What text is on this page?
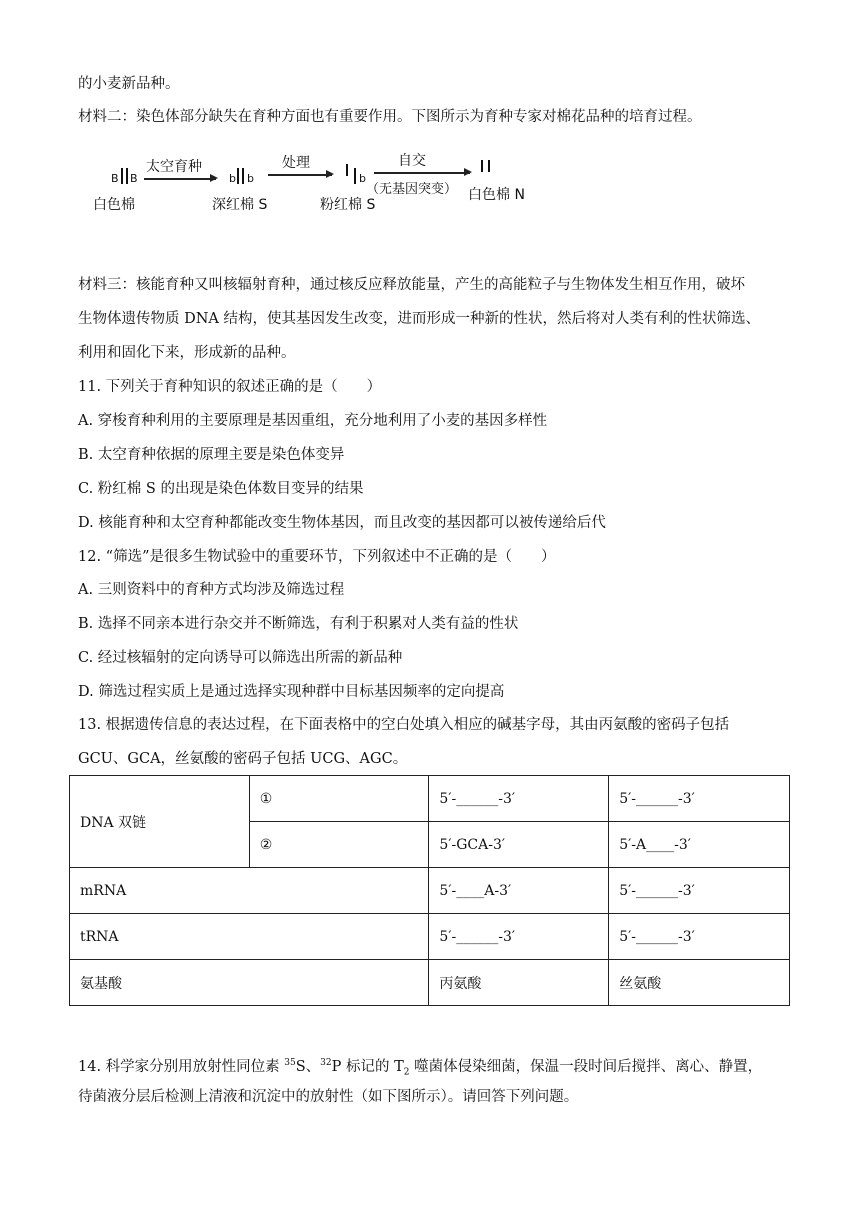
的小麦新品种。
材料二：染色体部分缺失在育种方面也有重要作用。下图所示为育种专家对棉花品种的培育过程。
B B
白色棉
太空育种
b b
深红棉 S
处理
b
粉红棉 S
自交
（无基因突变） 白色棉 N
材料三：核能育种又叫核辐射育种，通过核反应释放能量，产生的高能粒子与生物体发生相互作用，破坏
生物体遗传物质 DNA 结构，使其基因发生改变，进而形成一种新的性状，然后将对人类有利的性状筛选、
利用和固化下来，形成新的品种。
11. 下列关于育种知识的叙述正确的是（　　）
A. 穿梭育种利用的主要原理是基因重组，充分地利用了小麦的基因多样性
B. 太空育种依据的原理主要是染色体变异
C. 粉红棉 S 的出现是染色体数目变异的结果
D. 核能育种和太空育种都能改变生物体基因，而且改变的基因都可以被传递给后代
12. “筛选”是很多生物试验中的重要环节，下列叙述中不正确的是（　　）
A. 三则资料中的育种方式均涉及筛选过程
B. 选择不同亲本进行杂交并不断筛选，有利于积累对人类有益的性状
C. 经过核辐射的定向诱导可以筛选出所需的新品种
D. 筛选过程实质上是通过选择实现种群中目标基因频率的定向提高
13. 根据遗传信息的表达过程，在下面表格中的空白处填入相应的碱基字母，其由丙氨酸的密码子包括
GCU、GCA，丝氨酸的密码子包括 UCG、AGC。
DNA 双链	①	5′-______-3′	5′-______-3′
	②	5′-GCA-3′	5′-A____-3′
mRNA		5′-____A-3′	5′-______-3′
tRNA		5′-______-3′	5′-______-3′
氨基酸		丙氨酸	丝氨酸
14. 科学家分别用放射性同位素 $^{35}$S、$^{32}$P 标记的 $T_2$ 噬菌体侵染细菌，保温一段时间后搅拌、离心、静置，
待菌液分层后检测上清液和沉淀中的放射性（如下图所示）。请回答下列问题。
